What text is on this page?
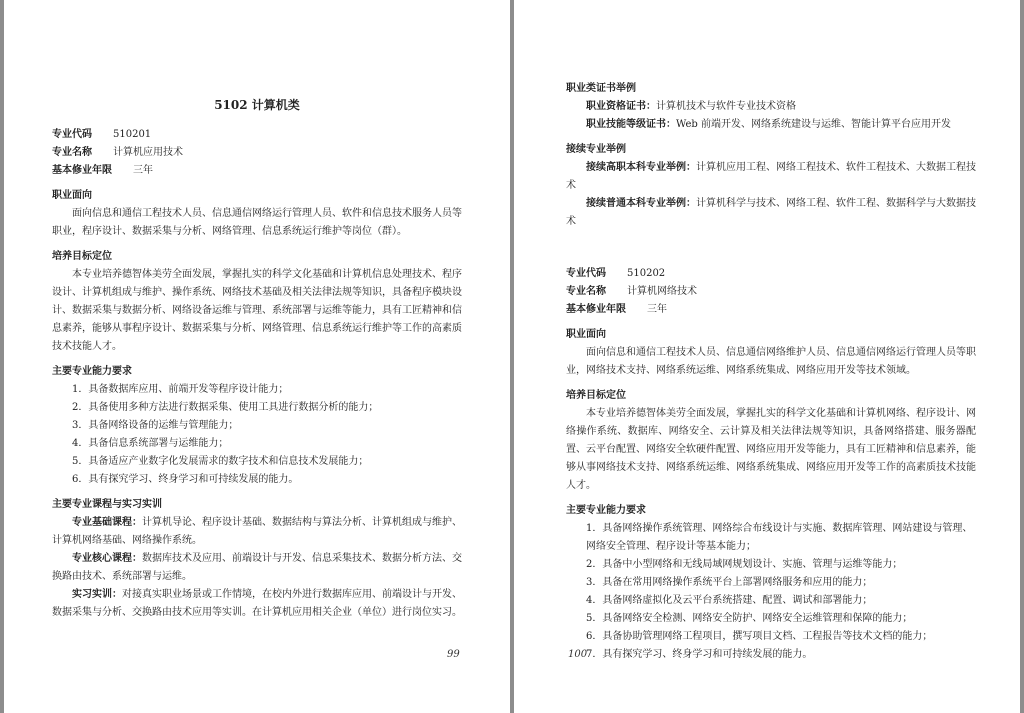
5102 计算机类
专业代码	510201
专业名称	计算机应用技术
基本修业年限	三年
职业面向
面向信息和通信工程技术人员、信息通信网络运行管理人员、软件和信息技术服务人员等职业，程序设计、数据采集与分析、网络管理、信息系统运行维护等岗位（群）。
培养目标定位
本专业培养德智体美劳全面发展，掌握扎实的科学文化基础和计算机信息处理技术、程序设计、计算机组成与维护、操作系统、网络技术基础及相关法律法规等知识，具备程序模块设计、数据采集与数据分析、网络设备运维与管理、系统部署与运维等能力，具有工匠精神和信息素养，能够从事程序设计、数据采集与分析、网络管理、信息系统运行维护等工作的高素质技术技能人才。
主要专业能力要求
1．具备数据库应用、前端开发等程序设计能力；
2．具备使用多种方法进行数据采集、使用工具进行数据分析的能力；
3．具备网络设备的运维与管理能力；
4．具备信息系统部署与运维能力；
5．具备适应产业数字化发展需求的数字技术和信息技术发展能力；
6．具有探究学习、终身学习和可持续发展的能力。
主要专业课程与实习实训
专业基础课程：计算机导论、程序设计基础、数据结构与算法分析、计算机组成与维护、计算机网络基础、网络操作系统。
专业核心课程：数据库技术及应用、前端设计与开发、信息采集技术、数据分析方法、交换路由技术、系统部署与运维。
实习实训：对接真实职业场景或工作情境，在校内外进行数据库应用、前端设计与开发、数据采集与分析、交换路由技术应用等实训。在计算机应用相关企业（单位）进行岗位实习。
99
职业类证书举例
职业资格证书：计算机技术与软件专业技术资格
职业技能等级证书：Web 前端开发、网络系统建设与运维、智能计算平台应用开发
接续专业举例
接续高职本科专业举例：计算机应用工程、网络工程技术、软件工程技术、大数据工程技术
接续普通本科专业举例：计算机科学与技术、网络工程、软件工程、数据科学与大数据技术
专业代码	510202
专业名称	计算机网络技术
基本修业年限	三年
职业面向
面向信息和通信工程技术人员、信息通信网络维护人员、信息通信网络运行管理人员等职业，网络技术支持、网络系统运维、网络系统集成、网络应用开发等技术领域。
培养目标定位
本专业培养德智体美劳全面发展，掌握扎实的科学文化基础和计算机网络、程序设计、网络操作系统、数据库、网络安全、云计算及相关法律法规等知识，具备网络搭建、服务器配置、云平台配置、网络安全软硬件配置、网络应用开发等能力，具有工匠精神和信息素养，能够从事网络技术支持、网络系统运维、网络系统集成、网络应用开发等工作的高素质技术技能人才。
主要专业能力要求
1．具备网络操作系统管理、网络综合布线设计与实施、数据库管理、网站建设与管理、网络安全管理、程序设计等基本能力；
2．具备中小型网络和无线局域网规划设计、实施、管理与运维等能力；
3．具备在常用网络操作系统平台上部署网络服务和应用的能力；
4．具备网络虚拟化及云平台系统搭建、配置、调试和部署能力；
5．具备网络安全检测、网络安全防护、网络安全运维管理和保障的能力；
6．具备协助管理网络工程项目，撰写项目文档、工程报告等技术文档的能力；
7．具有探究学习、终身学习和可持续发展的能力。
100
